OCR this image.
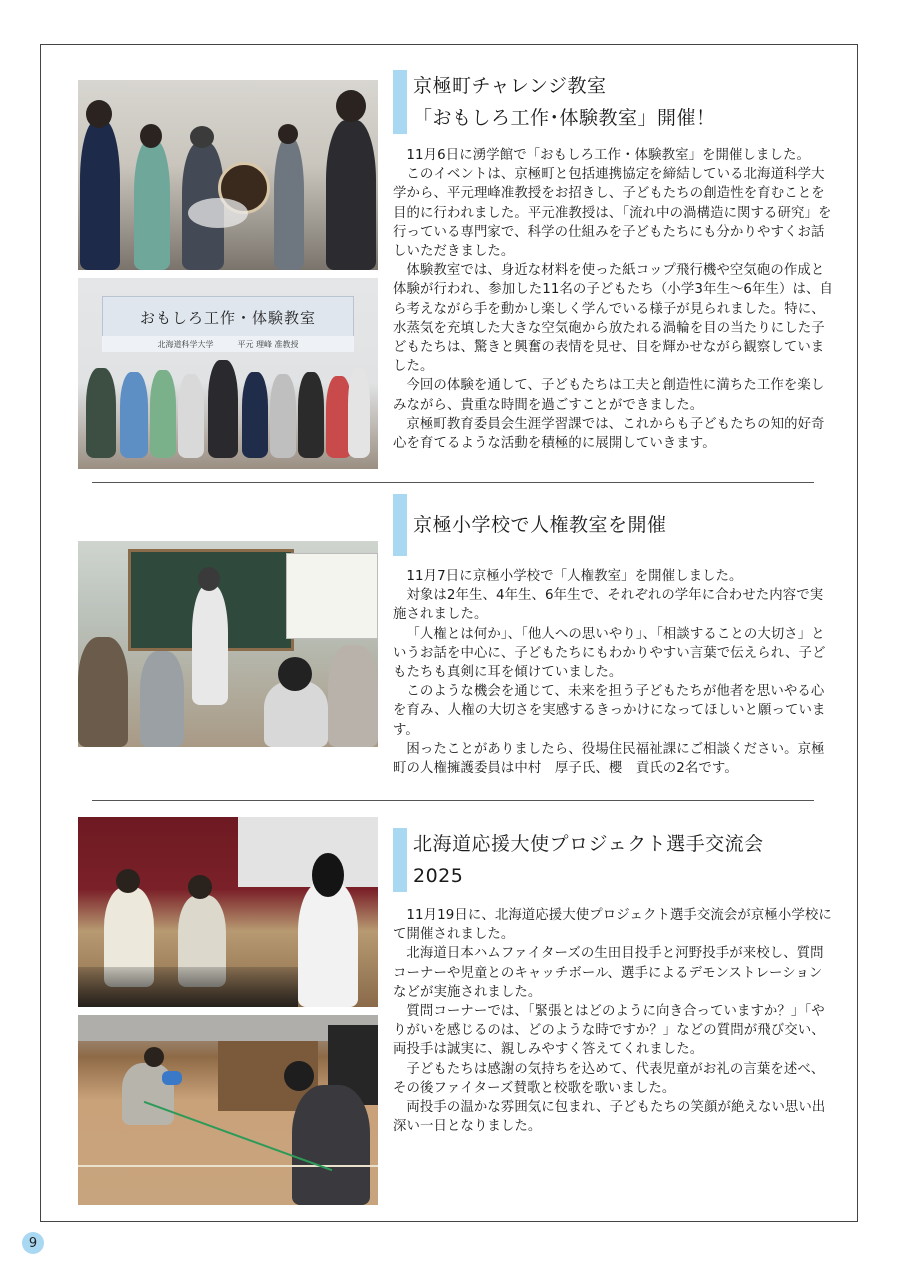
おもしろ工作・体験教室
北海道科学大学	平元 理峰 准教授
京極町チャレンジ教室
「おもしろ工作･体験教室」開催！

11月6日に湧学館で「おもしろ工作・体験教室」を開催しました。

このイベントは、京極町と包括連携協定を締結している北海道科学大学から、平元理峰准教授をお招きし、子どもたちの創造性を育むことを目的に行われました。平元准教授は、「流れ中の渦構造に関する研究」を行っている専門家で、科学の仕組みを子どもたちにも分かりやすくお話しいただきました。

体験教室では、身近な材料を使った紙コップ飛行機や空気砲の作成と体験が行われ、参加した11名の子どもたち（小学3年生〜6年生）は、自ら考えながら手を動かし楽しく学んでいる様子が見られました。特に、水蒸気を充填した大きな空気砲から放たれる渦輪を目の当たりにした子どもたちは、驚きと興奮の表情を見せ、目を輝かせながら観察していました。

今回の体験を通して、子どもたちは工夫と創造性に満ちた工作を楽しみながら、貴重な時間を過ごすことができました。

京極町教育委員会生涯学習課では、これからも子どもたちの知的好奇心を育てるような活動を積極的に展開していきます。

京極小学校で人権教室を開催

11月7日に京極小学校で「人権教室」を開催しました。

対象は2年生、4年生、6年生で、それぞれの学年に合わせた内容で実施されました。

「人権とは何か」、「他人への思いやり」、「相談することの大切さ」というお話を中心に、子どもたちにもわかりやすい言葉で伝えられ、子どもたちも真剣に耳を傾けていました。

このような機会を通じて、未来を担う子どもたちが他者を思いやる心を育み、人権の大切さを実感するきっかけになってほしいと願っています。

困ったことがありましたら、役場住民福祉課にご相談ください。京極町の人権擁護委員は中村　厚子氏、櫻　貢氏の2名です。

北海道応援大使プロジェクト選手交流会
2025

11月19日に、北海道応援大使プロジェクト選手交流会が京極小学校にて開催されました。

北海道日本ハムファイターズの生田目投手と河野投手が来校し、質問コーナーや児童とのキャッチボール、選手によるデモンストレーションなどが実施されました。

質問コーナーでは、「緊張とはどのように向き合っていますか？」「やりがいを感じるのは、どのような時ですか？」などの質問が飛び交い、両投手は誠実に、親しみやすく答えてくれました。

子どもたちは感謝の気持ちを込めて、代表児童がお礼の言葉を述べ、その後ファイターズ賛歌と校歌を歌いました。

両投手の温かな雰囲気に包まれ、子どもたちの笑顔が絶えない思い出深い一日となりました。

9
